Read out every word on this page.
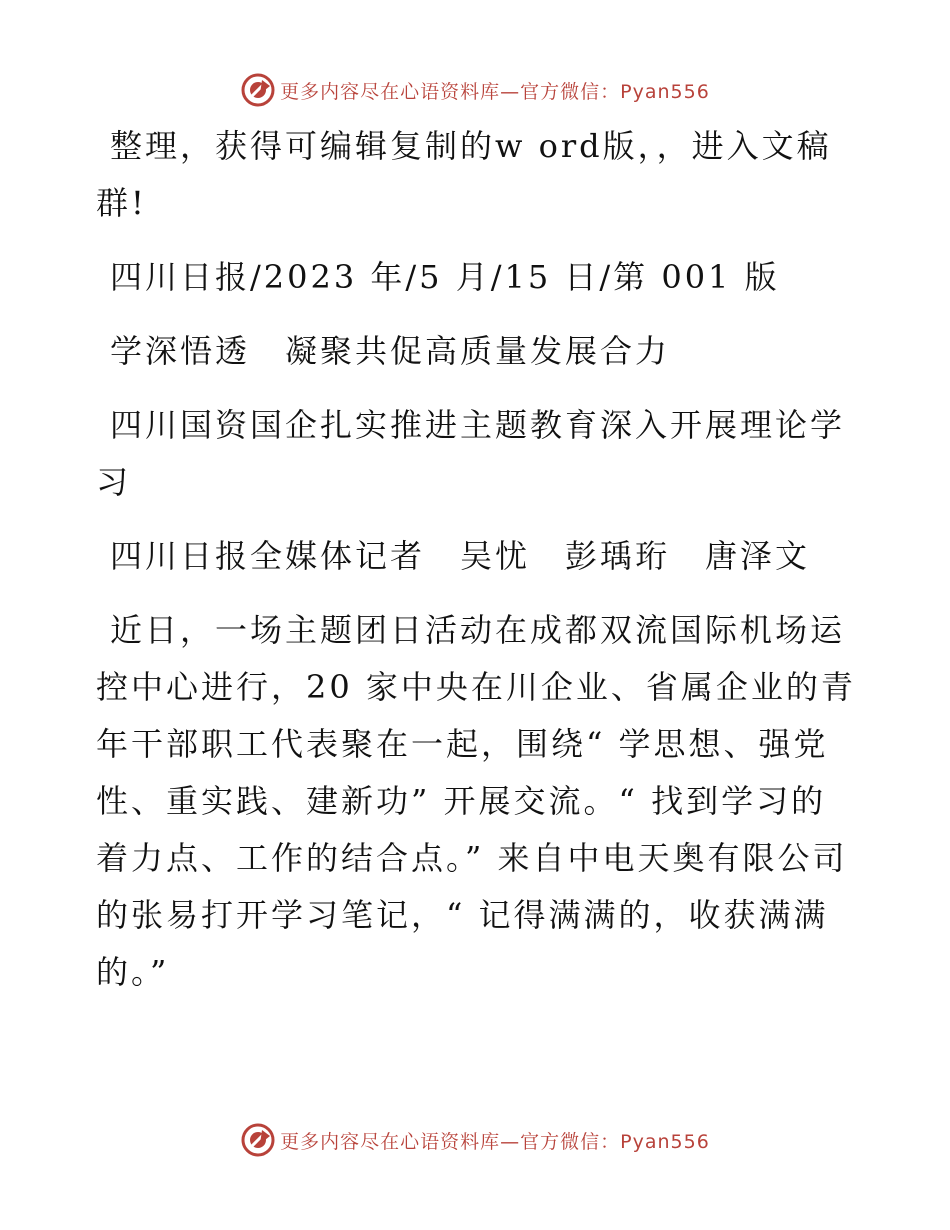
更多内容尽在心语资料库—官方微信：Pyan556

整理，获得可编辑复制的w ord版，，进入文稿群!

四川日报/2023 年/5 月/15 日/第 001 版

学深悟透　凝聚共促高质量发展合力

四川国资国企扎实推进主题教育深入开展理论学习

四川日报全媒体记者　吴忧　彭瑀珩　唐泽文

近日，一场主题团日活动在成都双流国际机场运控中心进行，20 家中央在川企业、省属企业的青年干部职工代表聚在一起，围绕“ 学思想、强党性、重实践、建新功” 开展交流。“ 找到学习的着力点、工作的结合点。” 来自中电天奥有限公司的张易打开学习笔记，“ 记得满满的，收获满满的。”

更多内容尽在心语资料库—官方微信：Pyan556
